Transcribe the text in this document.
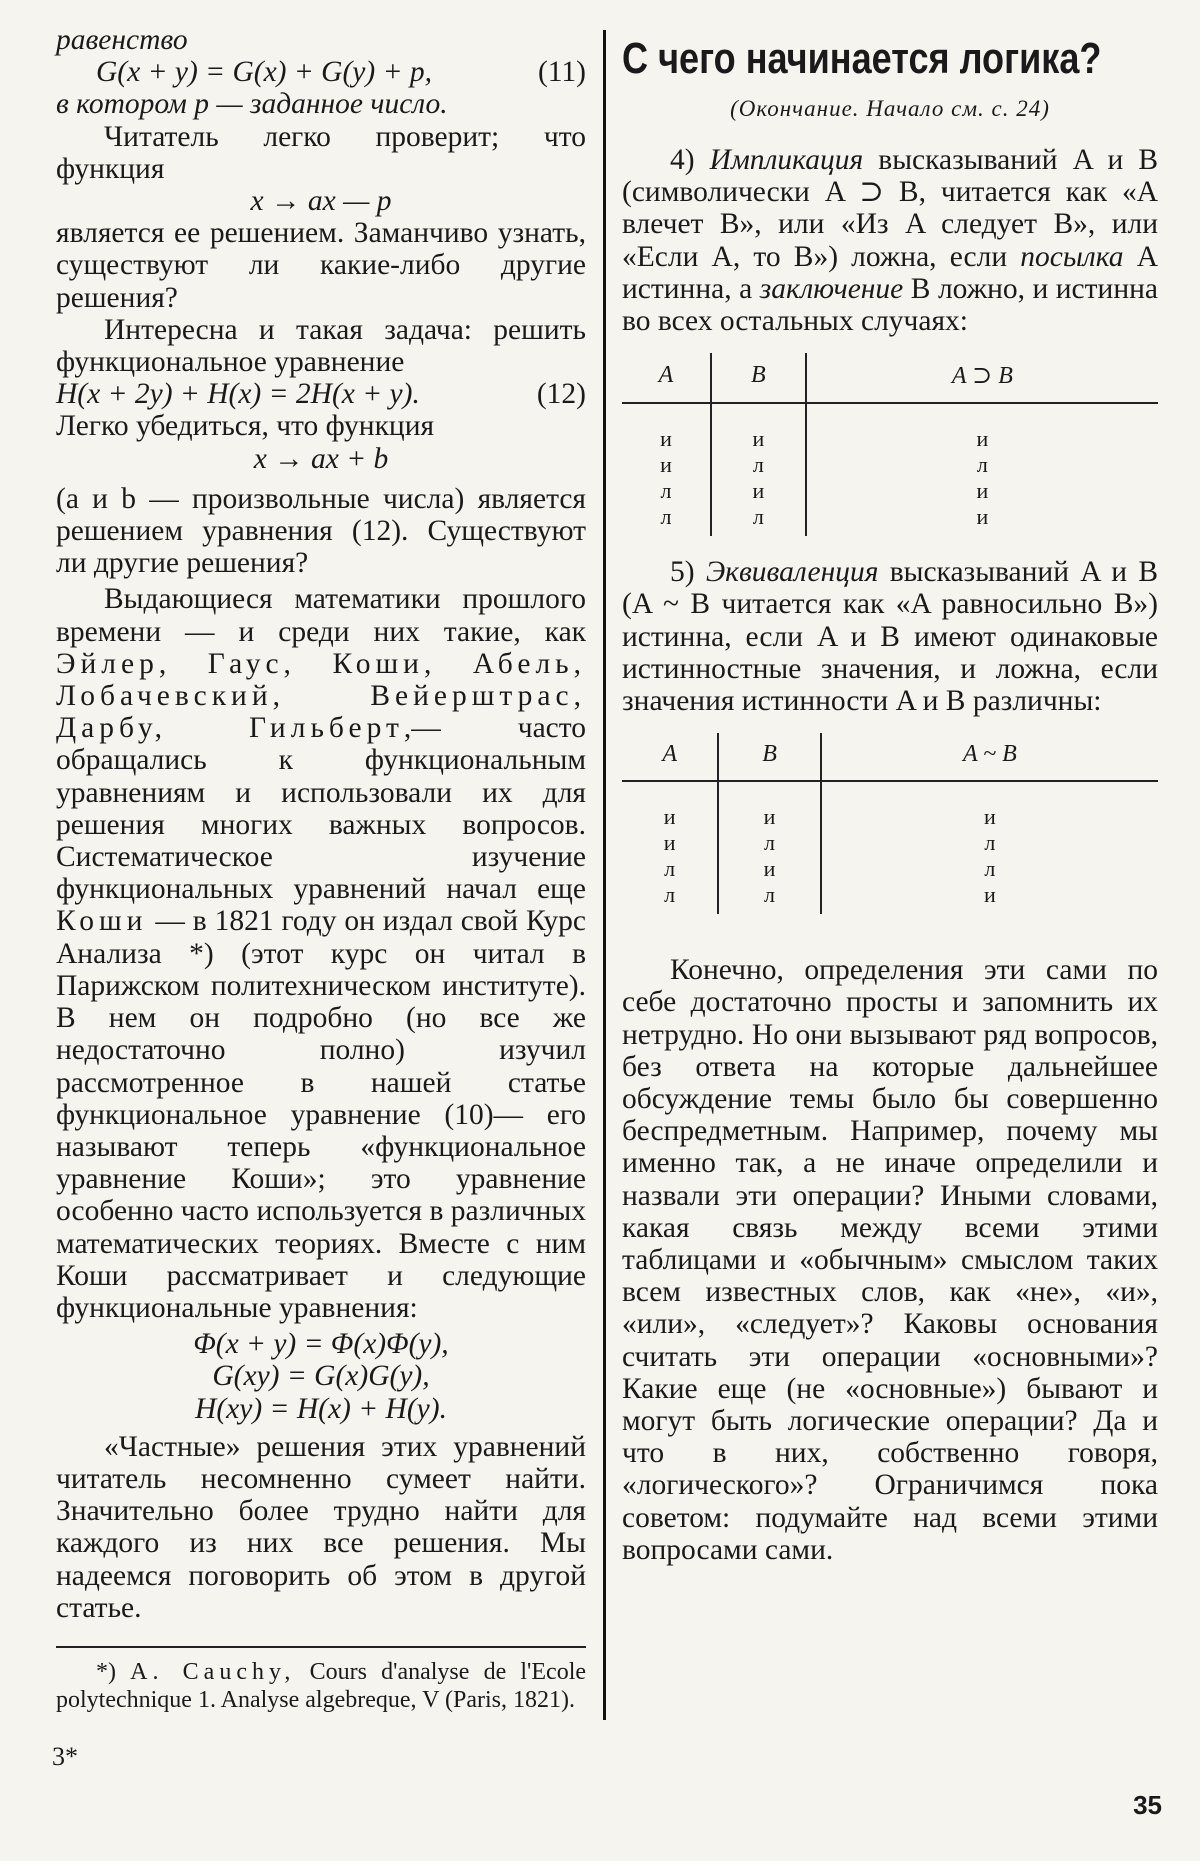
равенство

G(x + y) = G(x) + G(y) + p,	(11)

в котором p — заданное число.

Читатель легко проверит; что функция

x → ax — p

является ее решением. Заманчиво узнать, существуют ли какие-либо другие решения?

Интересна и такая задача: решить функциональное уравнение

H(x + 2y) + H(x) = 2H(x + y).	(12)

Легко убедиться, что функция

x → ax + b

(a и b — произвольные числа) является решением уравнения (12). Существуют ли другие решения?

Выдающиеся математики прошлого времени — и среди них такие, как Эйлер, Гаус, Коши, Абель, Лобачевский, Вейерштрас, Дарбу, Гильберт,— часто обращались к функциональным уравнениям и использовали их для решения многих важных вопросов. Систематическое изучение функциональных уравнений начал еще Коши — в 1821 году он издал свой Курс Анализа *) (этот курс он читал в Парижском политехническом институте). В нем он подробно (но все же недостаточно полно) изучил рассмотренное в нашей статье функциональное уравнение (10)— его называют теперь «функциональное уравнение Коши»; это уравнение особенно часто используется в различных математических теориях. Вместе с ним Коши рассматривает и следующие функциональные уравнения:

Φ(x + y) = Φ(x)Φ(y),
G(xy) = G(x)G(y),
H(xy) = H(x) + H(y).

«Частные» решения этих уравнений читатель несомненно сумеет найти. Значительно более трудно найти для каждого из них все решения. Мы надеемся поговорить об этом в другой статье.

*) A. Cauchy, Cours d'analyse de l'Ecole polytechnique 1. Analyse algebreque, V (Paris, 1821).

С чего начинается логика?
(Окончание. Начало см. с. 24)

4) Импликация высказываний A и B (символически A ⊃ B, читается как «A влечет B», или «Из A следует B», или «Если A, то B») ложна, если посылка A истинна, а заключение B ложно, и истинна во всех остальных случаях:

A	B	A ⊃ B
и	и	и
и	л	л
л	и	и
л	л	и

5) Эквиваленция высказываний A и B (A ~ B читается как «A равносильно B») истинна, если A и B имеют одинаковые истинностные значения, и ложна, если значения истинности A и B различны:

A	B	A ~ B
и	и	и
и	л	л
л	и	л
л	л	и

Конечно, определения эти сами по себе достаточно просты и запомнить их нетрудно. Но они вызывают ряд вопросов, без ответа на которые дальнейшее обсуждение темы было бы совершенно беспредметным. Например, почему мы именно так, а не иначе определили и назвали эти операции? Иными словами, какая связь между всеми этими таблицами и «обычным» смыслом таких всем известных слов, как «не», «и», «или», «следует»? Каковы основания считать эти операции «основными»? Какие еще (не «основные») бывают и могут быть логические операции? Да и что в них, собственно говоря, «логического»? Ограничимся пока советом: подумайте над всеми этими вопросами сами.

3*
35
